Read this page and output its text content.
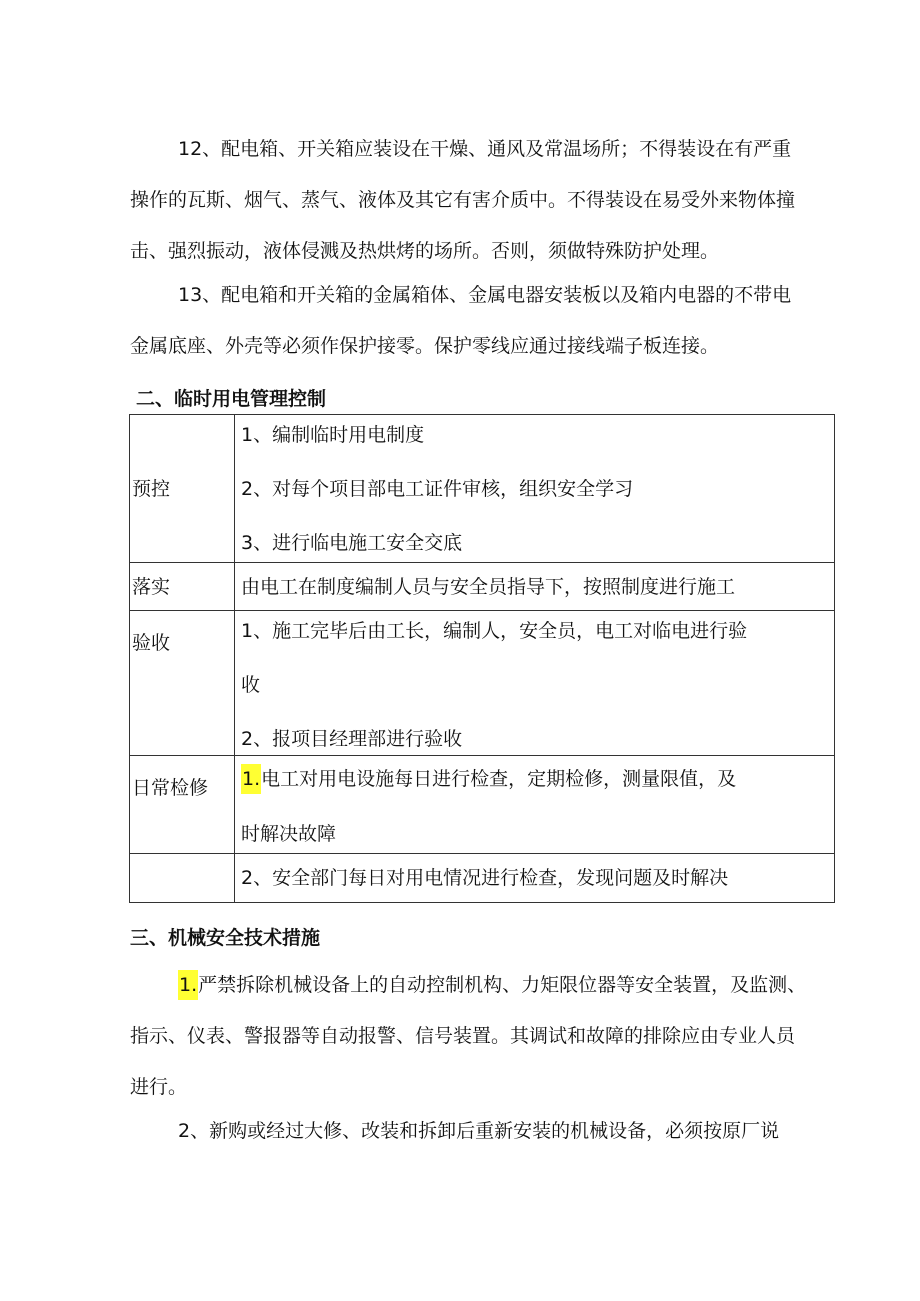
12、配电箱、开关箱应装设在干燥、通风及常温场所；不得装设在有严重
操作的瓦斯、烟气、蒸气、液体及其它有害介质中。不得装设在易受外来物体撞
击、强烈振动，液体侵溅及热烘烤的场所。否则，须做特殊防护处理。
13、配电箱和开关箱的金属箱体、金属电器安装板以及箱内电器的不带电
金属底座、外壳等必须作保护接零。保护零线应通过接线端子板连接。
二、临时用电管理控制
预控	1、编制临时用电制度
2、对每个项目部电工证件审核，组织安全学习
3、进行临电施工安全交底

落实	由电工在制度编制人员与安全员指导下，按照制度进行施工

验收	1、施工完毕后由工长，编制人，安全员，电工对临电进行验
收
2、报项目经理部进行验收

日常检修	1.电工对用电设施每日进行检查，定期检修，测量限值，及
时解决故障

	2、安全部门每日对用电情况进行检查，发现问题及时解决
三、机械安全技术措施
1.严禁拆除机械设备上的自动控制机构、力矩限位器等安全装置，及监测、
指示、仪表、警报器等自动报警、信号装置。其调试和故障的排除应由专业人员
进行。
2、新购或经过大修、改装和拆卸后重新安装的机械设备，必须按原厂说
